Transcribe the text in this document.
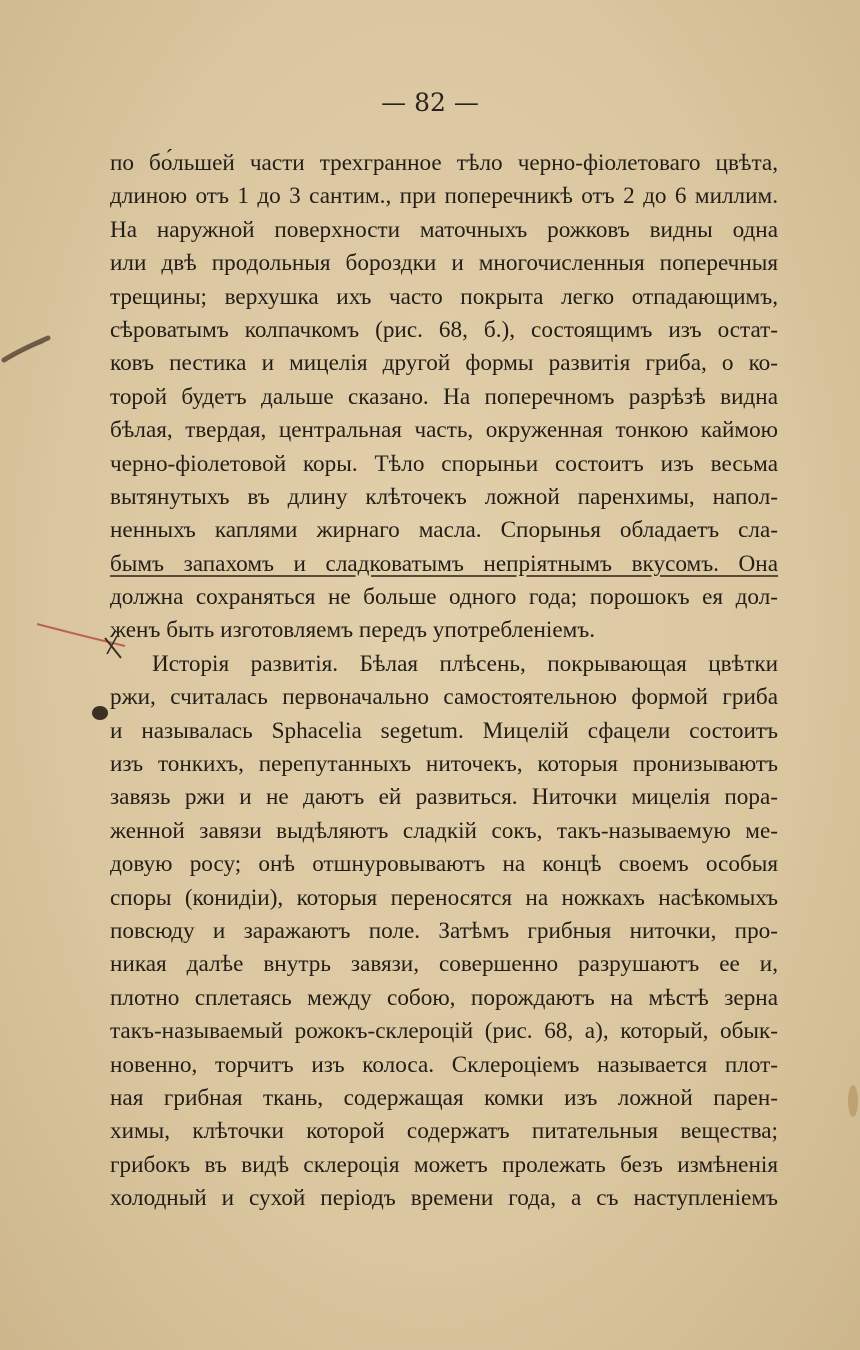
— 82 —
по бо́льшей части трехгранное тѣло черно-фіолетоваго цвѣта,
длиною отъ 1 до 3 сантим., при поперечникѣ отъ 2 до 6 миллим.
На наружной поверхности маточныхъ рожковъ видны одна
или двѣ продольныя бороздки и многочисленныя поперечныя
трещины; верхушка ихъ часто покрыта легко отпадающимъ,
сѣроватымъ колпачкомъ (рис. 68, б.), состоящимъ изъ остат-
ковъ пестика и мицелія другой формы развитія гриба, о ко-
торой будетъ дальше сказано. На поперечномъ разрѣзѣ видна
бѣлая, твердая, центральная часть, окруженная тонкою каймою
черно-фіолетовой коры. Тѣло спорыньи состоитъ изъ весьма
вытянутыхъ въ длину клѣточекъ ложной паренхимы, напол-
ненныхъ каплями жирнаго масла. Спорынья обладаетъ сла-
бымъ запахомъ и сладковатымъ непріятнымъ вкусомъ. Она
должна сохраняться не больше одного года; порошокъ ея дол-
женъ быть изготовляемъ передъ употребленіемъ.
Исторія развитія. Бѣлая плѣсень, покрывающая цвѣтки
ржи, считалась первоначально самостоятельною формой гриба
и называлась Sphacelia segetum. Мицелій сфацели состоитъ
изъ тонкихъ, перепутанныхъ ниточекъ, которыя пронизываютъ
завязь ржи и не даютъ ей развиться. Ниточки мицелія пора-
женной завязи выдѣляютъ сладкій сокъ, такъ-называемую ме-
довую росу; онѣ отшнуровываютъ на концѣ своемъ особыя
споры (конидіи), которыя переносятся на ножкахъ насѣкомыхъ
повсюду и заражаютъ поле. Затѣмъ грибныя ниточки, про-
никая далѣе внутрь завязи, совершенно разрушаютъ ее и,
плотно сплетаясь между собою, порождаютъ на мѣстѣ зерна
такъ-называемый рожокъ-склероцій (рис. 68, а), который, обык-
новенно, торчитъ изъ колоса. Склероціемъ называется плот-
ная грибная ткань, содержащая комки изъ ложной парен-
химы, клѣточки которой содержатъ питательныя вещества;
грибокъ въ видѣ склероція можетъ пролежать безъ измѣненія
холодный и сухой періодъ времени года, а съ наступленіемъ
